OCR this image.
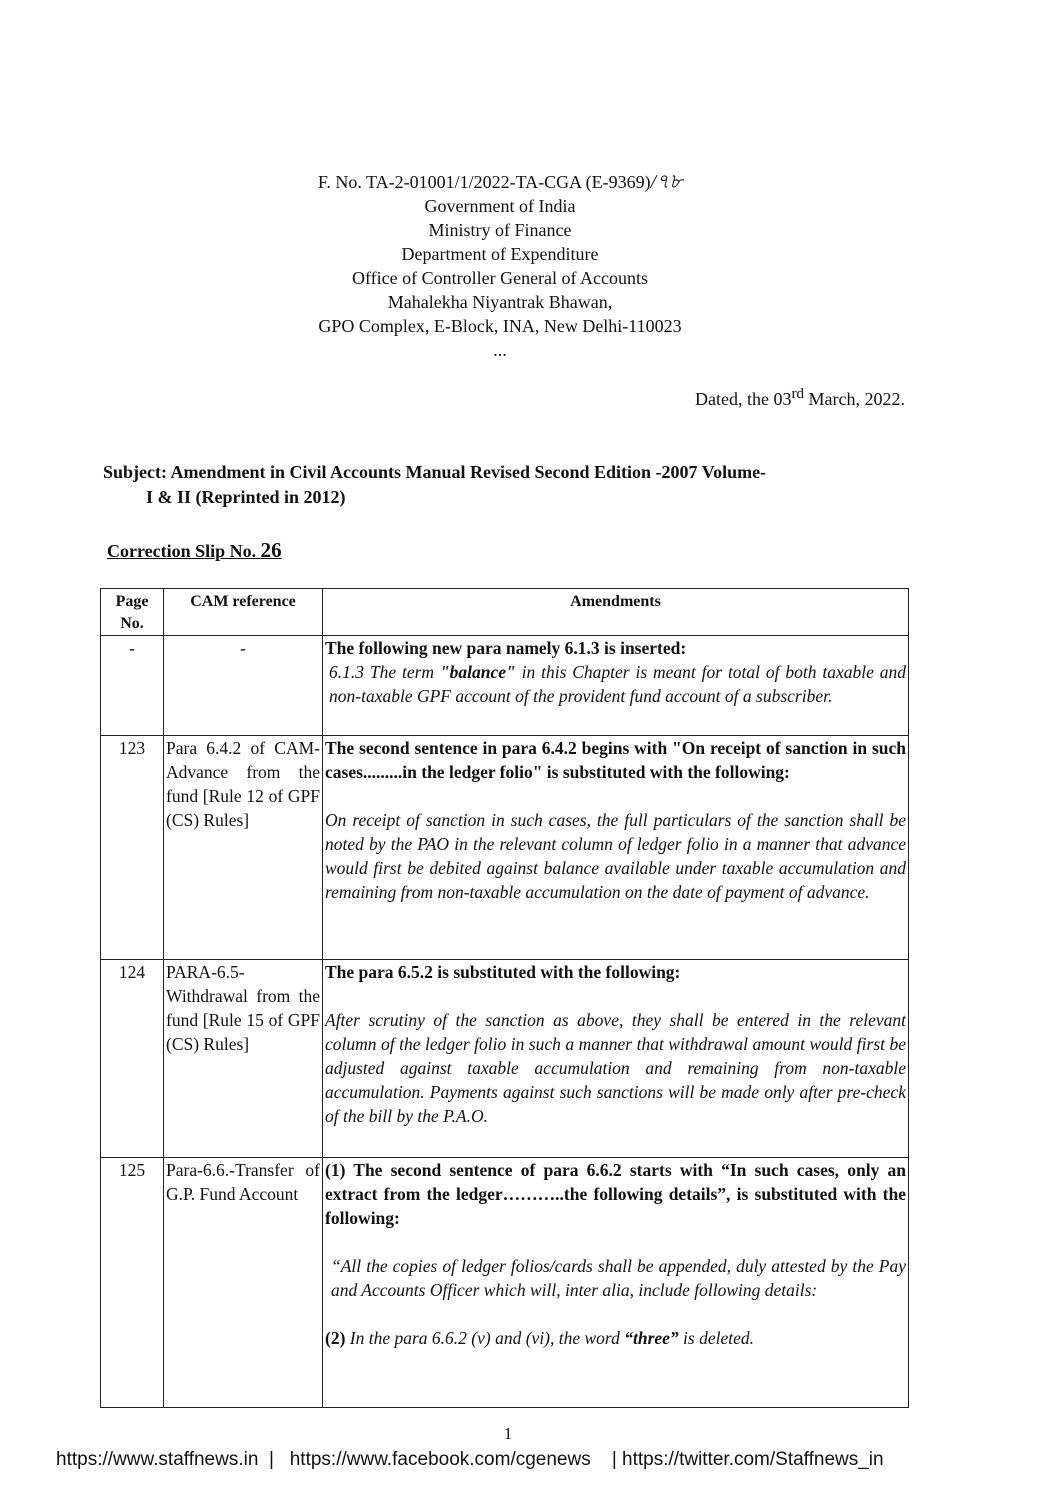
F. No. TA-2-01001/1/2022-TA-CGA (E-9369)/৭৮
Government of India
Ministry of Finance
Department of Expenditure
Office of Controller General of Accounts
Mahalekha Niyantrak Bhawan,
GPO Complex, E-Block, INA, New Delhi-110023
...
Dated, the 03rd March, 2022.
Subject: Amendment in Civil Accounts Manual Revised Second Edition -2007 Volume-
I & II (Reprinted in 2012)
Correction Slip No. 26
Page No.	CAM reference	Amendments
-	-	The following new para namely 6.1.3 is inserted:
6.1.3 The term "balance" in this Chapter is meant for total of both taxable and non-taxable GPF account of the provident fund account of a subscriber.

123	Para 6.4.2 of CAM-Advance from the fund [Rule 12 of GPF (CS) Rules]	The second sentence in para 6.4.2 begins with "On receipt of sanction in such cases.........in the ledger folio" is substituted with the following:
On receipt of sanction in such cases, the full particulars of the sanction shall be noted by the PAO in the relevant column of ledger folio in a manner that advance would first be debited against balance available under taxable accumulation and remaining from non-taxable accumulation on the date of payment of advance.

124	PARA-6.5-Withdrawal from the fund [Rule 15 of GPF (CS) Rules]	The para 6.5.2 is substituted with the following:
After scrutiny of the sanction as above, they shall be entered in the relevant column of the ledger folio in such a manner that withdrawal amount would first be adjusted against taxable accumulation and remaining from non-taxable accumulation. Payments against such sanctions will be made only after pre-check of the bill by the P.A.O.

125	Para-6.6.-Transfer of G.P. Fund Account	(1) The second sentence of para 6.6.2 starts with “In such cases, only an extract from the ledger………..the following details”, is substituted with the following:
“All the copies of ledger folios/cards shall be appended, duly attested by the Pay and Accounts Officer which will, inter alia, include following details:
(2) In the para 6.6.2 (v) and (vi), the word “three” is deleted.
1
https://www.staffnews.in  |   https://www.facebook.com/cgenews    | https://twitter.com/Staffnews_in
